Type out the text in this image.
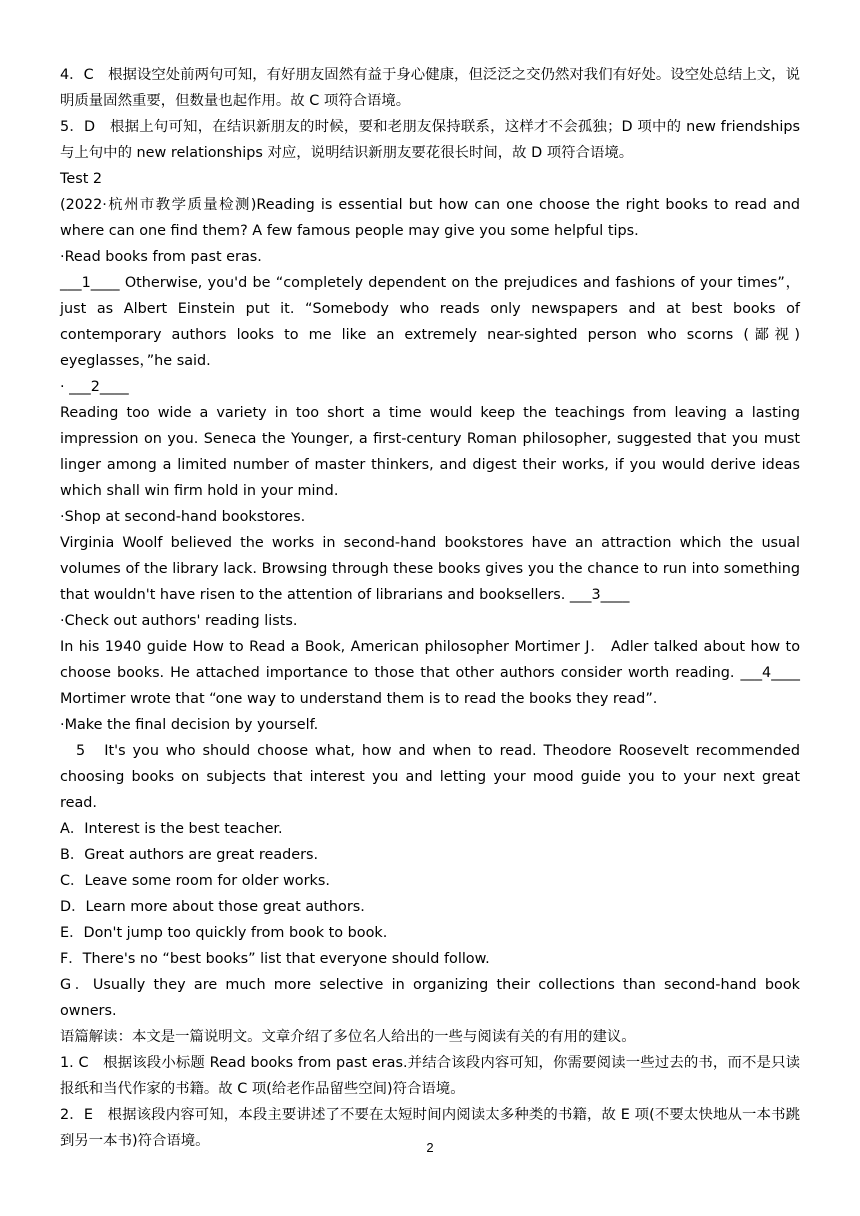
4．C　根据设空处前两句可知，有好朋友固然有益于身心健康，但泛泛之交仍然对我们有好处。设空处总结上文，说明质量固然重要，但数量也起作用。故 C 项符合语境。

5．D　根据上句可知，在结识新朋友的时候，要和老朋友保持联系，这样才不会孤独；D 项中的 new friendships 与上句中的 new relationships 对应，说明结识新朋友要花很长时间，故 D 项符合语境。

Test 2

(2022·杭州市教学质量检测)Reading is essential but how can one choose the right books to read and where can one find them? A few famous people may give you some helpful tips.

·Read books from past eras.

___1____ Otherwise, you'd be “completely dependent on the prejudices and fashions of your times”，just as Albert Einstein put it. “Somebody who reads only newspapers and at best books of contemporary authors looks to me like an extremely near-sighted person who scorns (鄙视) eyeglasses，”he said.

· ___2____

Reading too wide a variety in too short a time would keep the teachings from leaving a lasting impression on you. Seneca the Younger, a first-century Roman philosopher, suggested that you must linger among a limited number of master thinkers, and digest their works, if you would derive ideas which shall win firm hold in your mind.

·Shop at second-hand bookstores.

Virginia Woolf believed the works in second-hand bookstores have an attraction which the usual volumes of the library lack. Browsing through these books gives you the chance to run into something that wouldn't have risen to the attention of librarians and booksellers. ___3____

·Check out authors' reading lists.

In his 1940 guide How to Read a Book, American philosopher Mortimer J． Adler talked about how to choose books. He attached importance to those that other authors consider worth reading. ___4____ Mortimer wrote that “one way to understand them is to read the books they read”.

·Make the final decision by yourself.

5　It's you who should choose what, how and when to read. Theodore Roosevelt recommended choosing books on subjects that interest you and letting your mood guide you to your next great read.

A．Interest is the best teacher.

B．Great authors are great readers.

C．Leave some room for older works.

D．Learn more about those great authors.

E．Don't jump too quickly from book to book.

F．There's no “best books” list that everyone should follow.

G．Usually they are much more selective in organizing their collections than second-hand book owners.

语篇解读：本文是一篇说明文。文章介绍了多位名人给出的一些与阅读有关的有用的建议。

1. C　根据该段小标题 Read books from past eras.并结合该段内容可知，你需要阅读一些过去的书，而不是只读报纸和当代作家的书籍。故 C 项(给老作品留些空间)符合语境。

2．E　根据该段内容可知，本段主要讲述了不要在太短时间内阅读太多种类的书籍，故 E 项(不要太快地从一本书跳到另一本书)符合语境。	2
